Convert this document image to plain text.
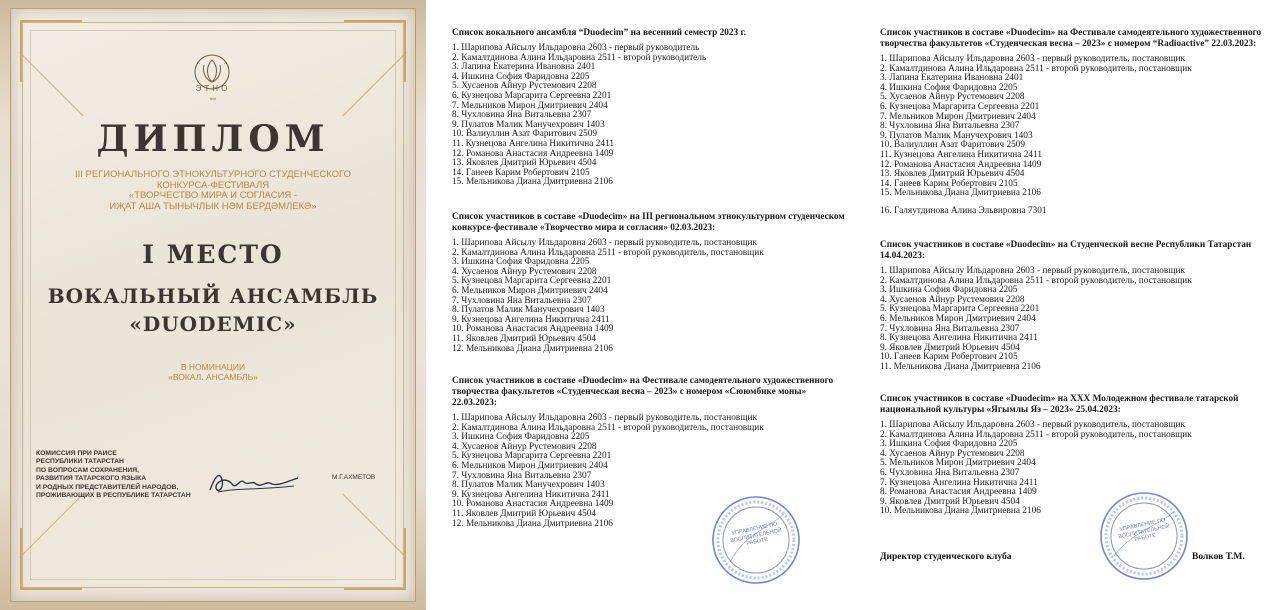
ЭТНО
fest
ДИПЛОМ
III РЕГИОНАЛЬНОГО ЭТНОКУЛЬТУРНОГО СТУДЕНЧЕСКОГО
КОНКУРСА-ФЕСТИВАЛЯ
«ТВОРЧЕСТВО МИРА И СОГЛАСИЯ -
ИҖАТ АША ТЫНЫЧЛЫК HӘМ БЕРДӘМЛЕКӘ»
I МЕСТО
ВОКАЛЬНЫЙ АНСАМБЛЬ
«DUODEMIC»
В НОМИНАЦИИ
«ВОКАЛ. АНСАМБЛЬ»
КОМИССИЯ ПРИ РАИСЕ
РЕСПУБЛИКИ ТАТАРСТАН
ПО ВОПРОСАМ СОХРАНЕНИЯ,
РАЗВИТИЯ ТАТАРСКОГО ЯЗЫКА
И РОДНЫХ ПРЕДСТАВИТЕЛЕЙ НАРОДОВ,
ПРОЖИВАЮЩИХ В РЕСПУБЛИКЕ ТАТАРСТАН
М.Г.АХМЕТОВ

Список вокального ансамбля “Duodecim” на весенний семестр 2023 г.

1. Шарипова Айсылу Ильдаровна 2603 - первый руководитель

2. Камалтдинова Алина Ильдаровна 2511 - второй руководитель

3. Лапина Екатерина Ивановна 2401

4. Ишкина София Фаридовна 2205

5. Хусаенов Айнур Рустемович 2208

6. Кузнецова Маргарита Сергеевна 2201

7. Мельников Мирон Дмитриевич 2404

8. Чухловина Яна Витальевна 2307

9. Пулатов Малик Манучехрович 1403

10. Валиуллин Азат Фаритович 2509

11. Кузнецова Ангелина Никитична 2411

12. Романова Анастасия Андреевна 1409

13. Яковлев Дмитрий Юрьевич 4504

14. Ганеев Карим Робертович 2105

15. Мельникова Диана Дмитриевна 2106

Список участников в составе «Duodecim» на III региональном этнокультурном студенческом

конкурсе-фестивале «Творчество мира и согласия» 02.03.2023:

1. Шарипова Айсылу Ильдаровна 2603 - первый руководитель, постановщик

2. Камалтдинова Алина Ильдаровна 2511 - второй руководитель, постановщик

3. Ишкина София Фаридовна 2205

4. Хусаенов Айнур Рустемович 2208

5. Кузнецова Маргарита Сергеевна 2201

6. Мельников Мирон Дмитриевич 2404

7. Чухловина Яна Витальевна 2307

8. Пулатов Малик Манучехрович 1403

9. Кузнецова Ангелина Никитична 2411

10. Романова Анастасия Андреевна 1409

11. Яковлев Дмитрий Юрьевич 4504

12. Мельникова Диана Дмитриевна 2106

Список участников в составе «Duodecim» на Фестивале самодеятельного художественного

творчества факультетов «Студенческая весна – 2023» с номером «Сююмбике моны»

22.03.2023:

1. Шарипова Айсылу Ильдаровна 2603 - первый руководитель, постановщик

2. Камалтдинова Алина Ильдаровна 2511 - второй руководитель, постановщик

3. Ишкина София Фаридовна 2205

4. Хусаенов Айнур Рустемович 2208

5. Кузнецова Маргарита Сергеевна 2201

6. Мельников Мирон Дмитриевич 2404

7. Чухловина Яна Витальевна 2307

8. Пулатов Малик Манучехрович 1403

9. Кузнецова Ангелина Никитична 2411

10. Романова Анастасия Андреевна 1409

11. Яковлев Дмитрий Юрьевич 4504

12. Мельникова Диана Дмитриевна 2106	УПРАВЛЕНИЕ ПО ВОСПИТАТЕЛЬНОЙ РАБОТЕ

Список участников в составе «Duodecim» на Фестивале самодеятельного художественного

творчества факультетов «Студенческая весна – 2023» с номером “Radioactive” 22.03.2023:

1. Шарипова Айсылу Ильдаровна 2603 - первый руководитель, постановщик

2. Камалтдинова Алина Ильдаровна 2511 - второй руководитель, постановщик

3. Лапина Екатерина Ивановна 2401

4. Ишкина София Фаридовна 2205

5. Хусаенов Айнур Рустемович 2208

6. Кузнецова Маргарита Сергеевна 2201

7. Мельников Мирон Дмитриевич 2404

8. Чухловина Яна Витальевна 2307

9. Пулатов Малик Манучехрович 1403

10. Валиуллин Азат Фаритович 2509

11. Кузнецова Ангелина Никитична 2411

12. Романова Анастасия Андреевна 1409

13. Яковлев Дмитрий Юрьевич 4504

14. Ганеев Карим Робертович 2105

15. Мельникова Диана Дмитриевна 2106

16. Галяутдинова Алина Эльвировна 7301

Список участников в составе «Duodecim» на Студенческой весне Республики Татарстан

14.04.2023:

1. Шарипова Айсылу Ильдаровна 2603 - первый руководитель, постановщик

2. Камалтдинова Алина Ильдаровна 2511 - второй руководитель, постановщик

3. Ишкина София Фаридовна 2205

4. Хусаенов Айнур Рустемович 2208

5. Кузнецова Маргарита Сергеевна 2201

6. Мельников Мирон Дмитриевич 2404

7. Чухловина Яна Витальевна 2307

8. Кузнецова Ангелина Никитична 2411

9. Яковлев Дмитрий Юрьевич 4504

10. Ганеев Карим Робертович 2105

11. Мельникова Диана Дмитриевна 2106

Список участников в составе «Duodecim» на XXX Молодежном фестивале татарской

национальной культуры «Ягымлы Яз – 2023» 25.04.2023:

1. Шарипова Айсылу Ильдаровна 2603 - первый руководитель, постановщик

2. Камалтдинова Алина Ильдаровна 2511 - второй руководитель, постановщик

3. Ишкина София Фаридовна 2205

4. Хусаенов Айнур Рустемович 2208

5. Мельников Мирон Дмитриевич 2404

6. Чухловина Яна Витальевна 2307

7. Кузнецова Ангелина Никитична 2411

8. Романова Анастасия Андреевна 1409

9. Яковлев Дмитрий Юрьевич 4504

10. Мельникова Диана Дмитриевна 2106

УПРАВЛЕНИЕ ПО ВОСПИТАТЕЛЬНОЙ РАБОТЕ
Директор студенческого клуба	Волков Т.М.
